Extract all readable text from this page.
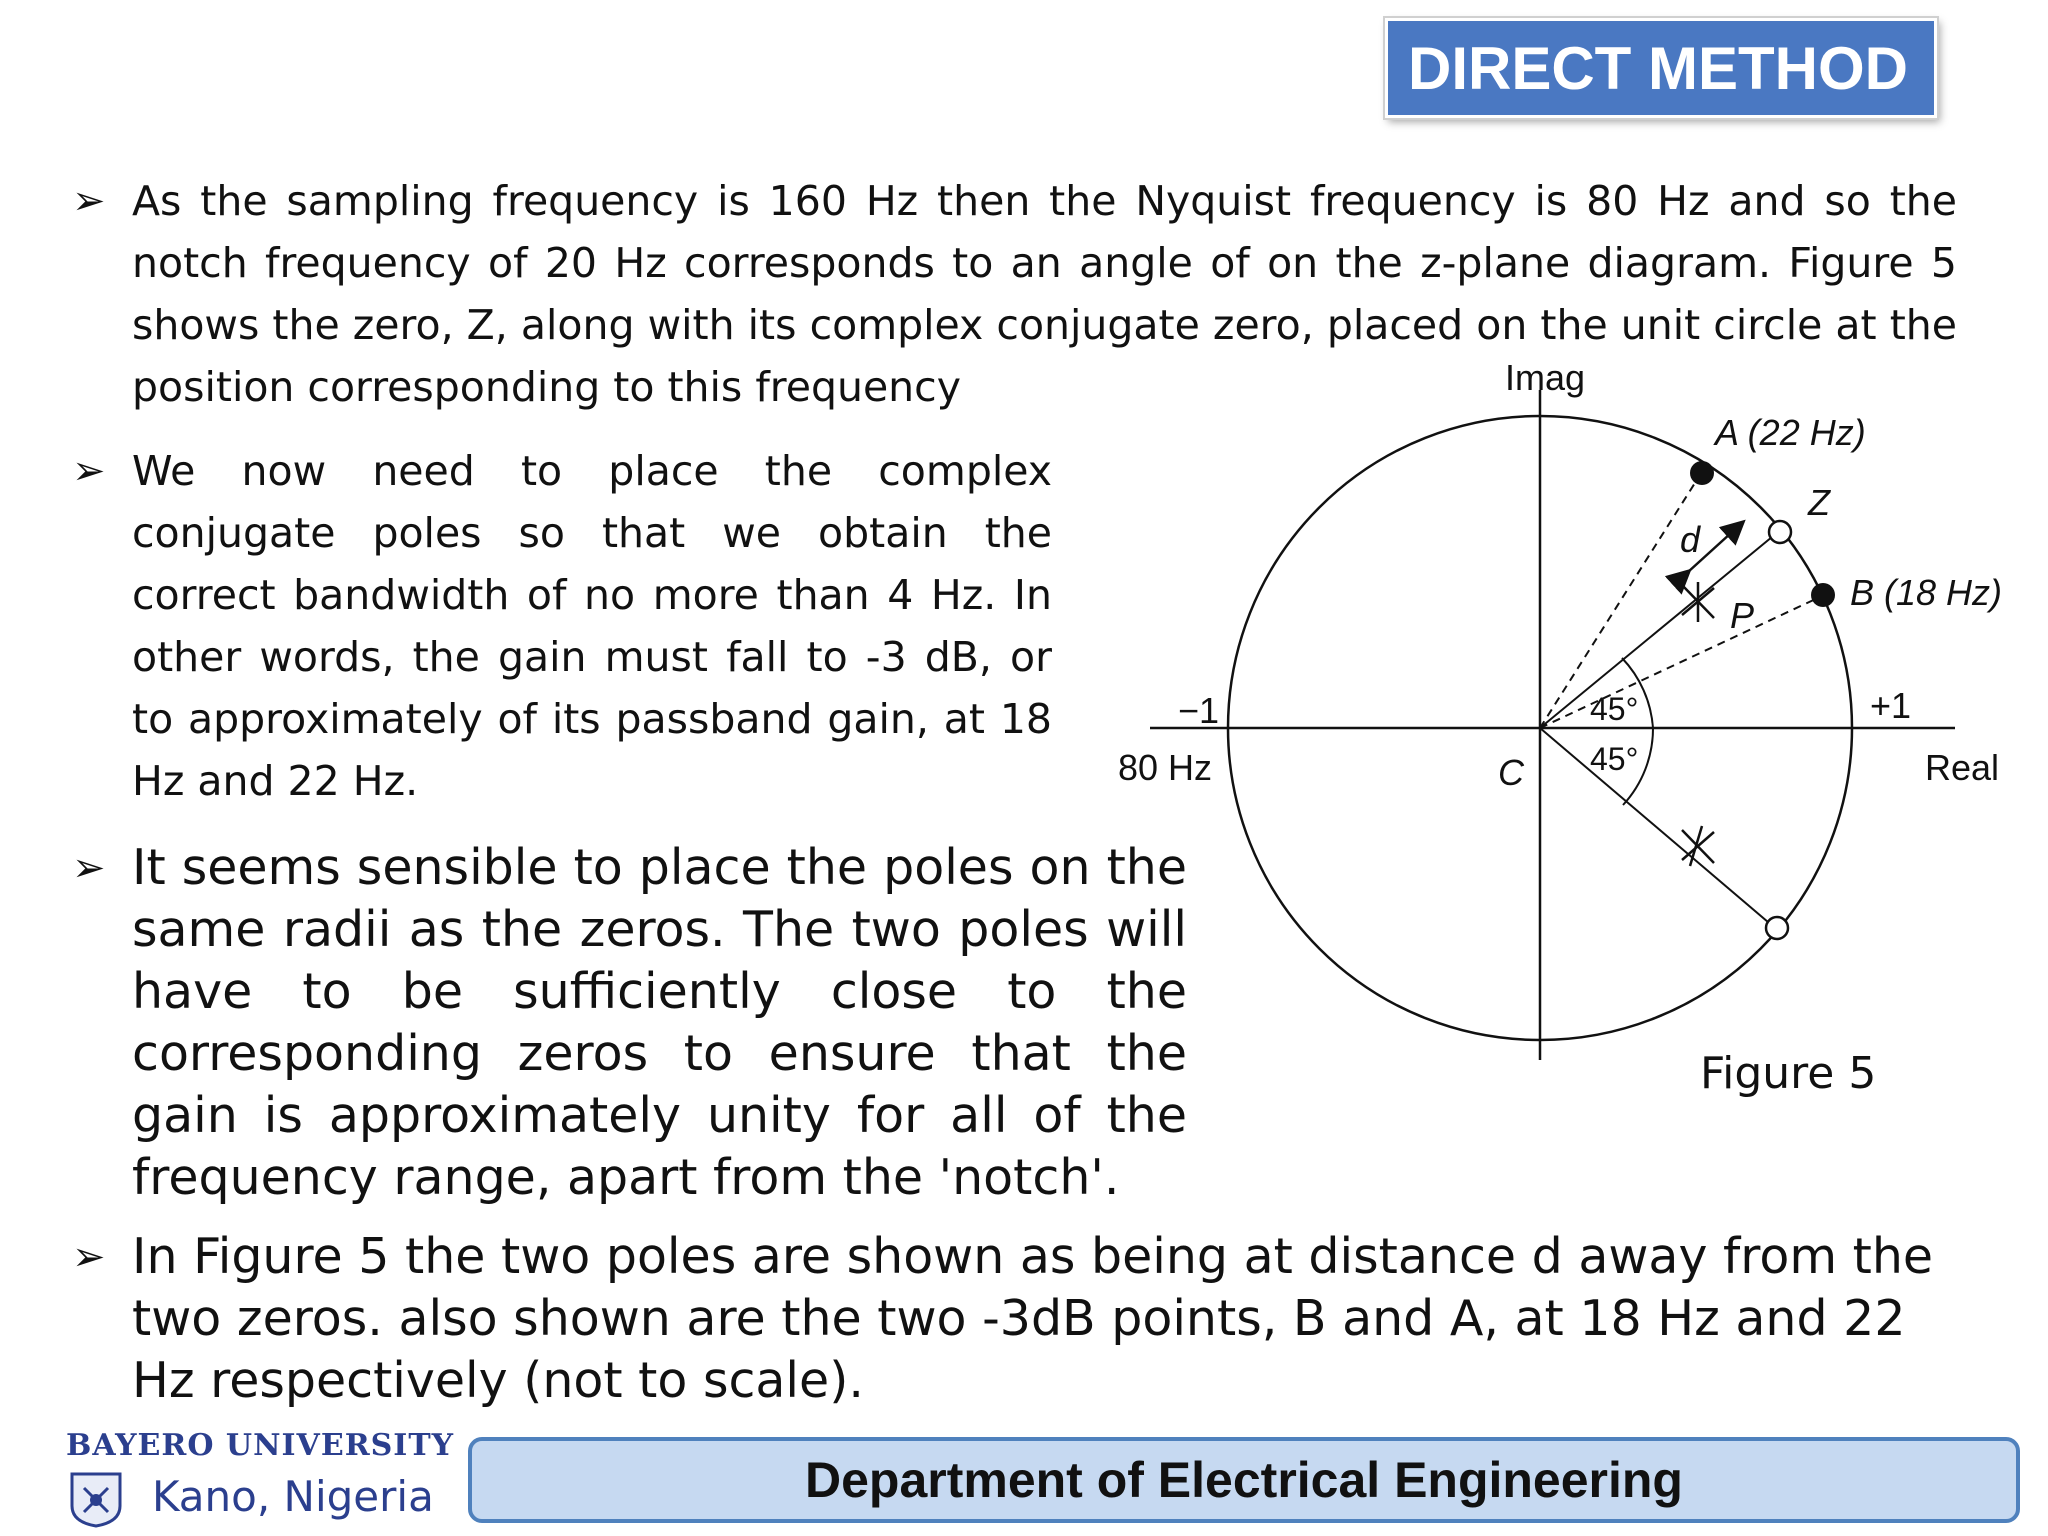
DIRECT METHOD
➢ As the sampling frequency is 160 Hz then the Nyquist frequency is 80 Hz and so the notch frequency of 20 Hz corresponds to an angle of on the z-plane diagram. Figure 5 shows the zero, Z, along with its complex conjugate zero, placed on the unit circle at the position corresponding to this frequency
➢ We now need to place the complex conjugate poles so that we obtain the correct bandwidth of no more than 4 Hz. In other words, the gain must fall to -3 dB, or to approximately of its passband gain, at 18 Hz and 22 Hz.
➢ It seems sensible to place the poles on the same radii as the zeros. The two poles will have to be sufficiently close to the corresponding zeros to ensure that the gain is approximately unity for all of the frequency range, apart from the 'notch'.
➢ In Figure 5 the two poles are shown as being at distance d away from the two zeros. also shown are the two -3dB points, B and A, at 18 Hz and 22 Hz respectively (not to scale).
Imag
Real
−1	+1
80 Hz	C
A (22 Hz)
B (18 Hz)
Z
P
d
45°
45°
Figure 5
BAYERO UNIVERSITY
Kano, Nigeria	Department of Electrical Engineering
